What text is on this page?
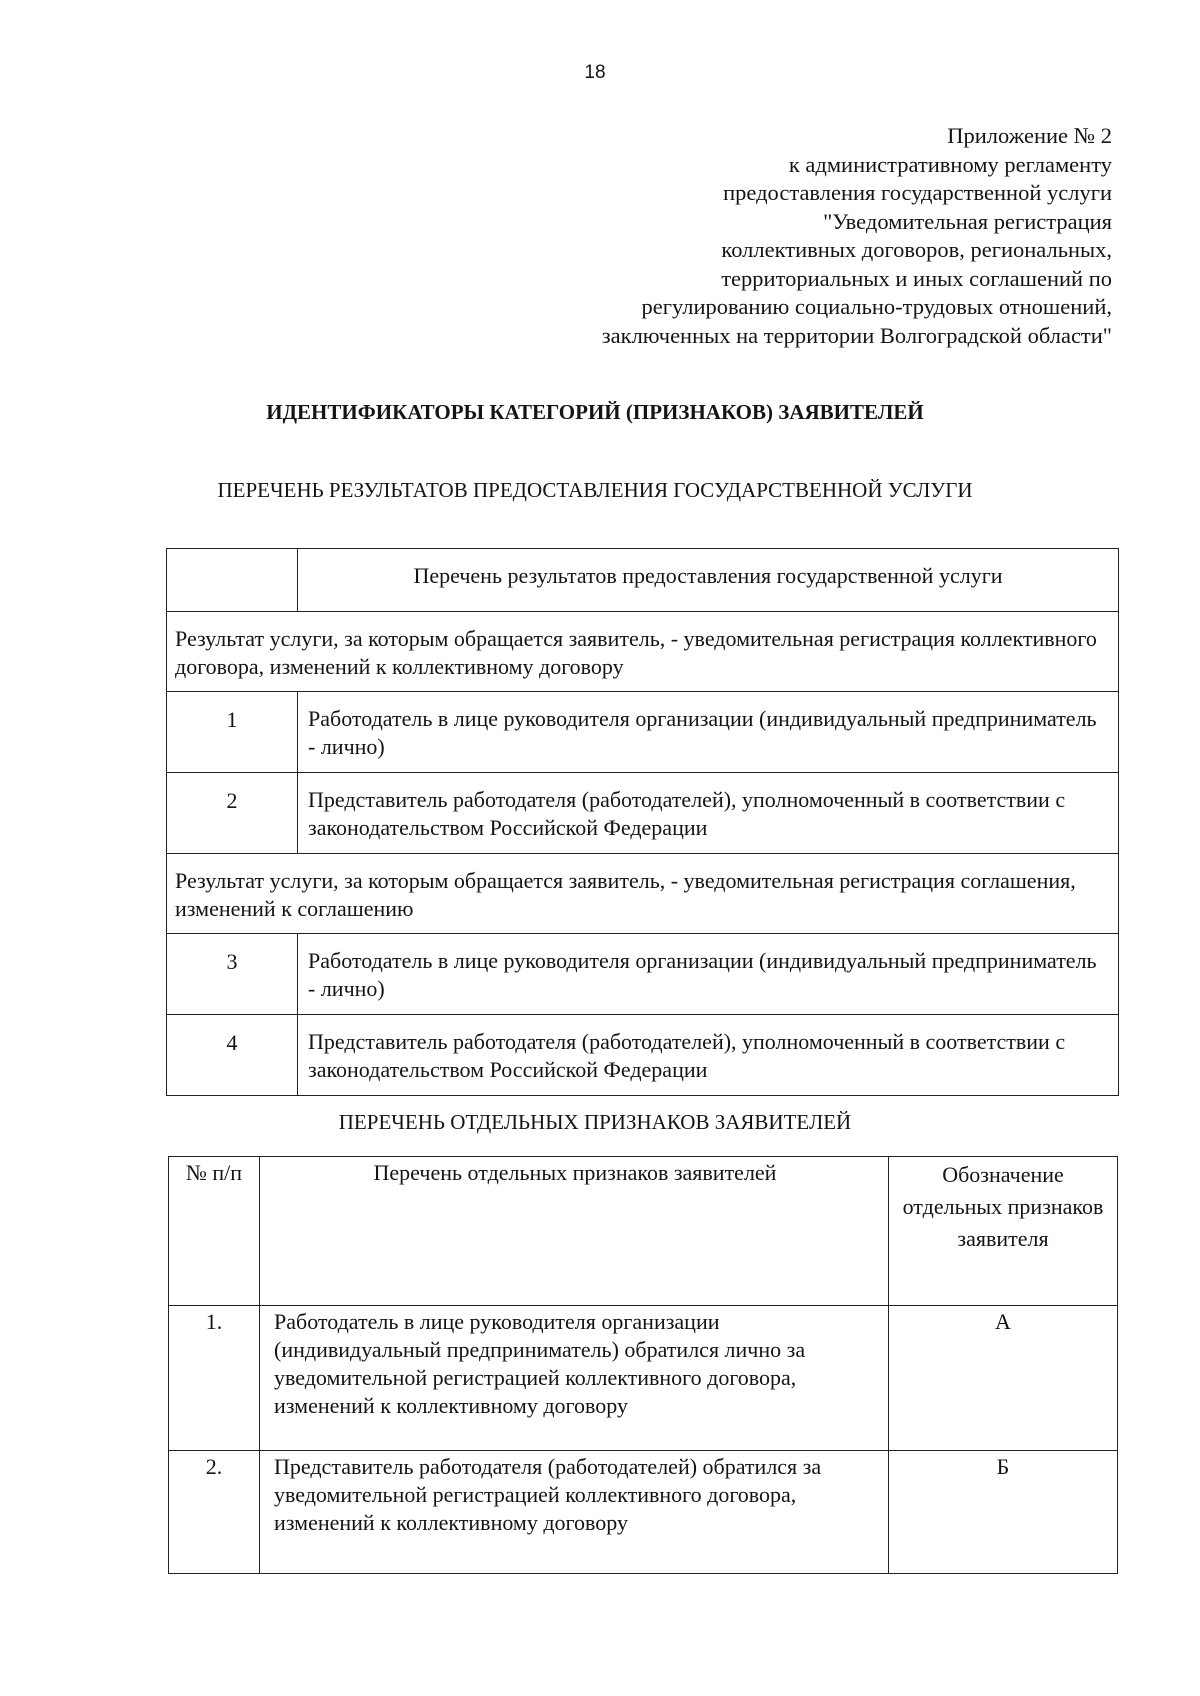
18
Приложение № 2
к административному регламенту
предоставления государственной услуги
"Уведомительная регистрация
коллективных договоров, региональных,
территориальных и иных соглашений по
регулированию социально-трудовых отношений,
заключенных на территории Волгоградской области"
ИДЕНТИФИКАТОРЫ КАТЕГОРИЙ (ПРИЗНАКОВ) ЗАЯВИТЕЛЕЙ
ПЕРЕЧЕНЬ РЕЗУЛЬТАТОВ ПРЕДОСТАВЛЕНИЯ ГОСУДАРСТВЕННОЙ УСЛУГИ
	Перечень результатов предоставления государственной услуги
Результат услуги, за которым обращается заявитель, - уведомительная регистрация коллективного договора, изменений к коллективному договору	
1	Работодатель в лице руководителя организации (индивидуальный предприниматель - лично)
2	Представитель работодателя (работодателей), уполномоченный в соответствии с законодательством Российской Федерации
Результат услуги, за которым обращается заявитель, - уведомительная регистрация соглашения, изменений к соглашению	
3	Работодатель в лице руководителя организации (индивидуальный предприниматель - лично)
4	Представитель работодателя (работодателей), уполномоченный в соответствии с законодательством Российской Федерации
ПЕРЕЧЕНЬ ОТДЕЛЬНЫХ ПРИЗНАКОВ ЗАЯВИТЕЛЕЙ
№ п/п	Перечень отдельных признаков заявителей	Обозначение отдельных признаков заявителя
1.	Работодатель в лице руководителя организации (индивидуальный предприниматель) обратился лично за уведомительной регистрацией коллективного договора, изменений к коллективному договору	А
2.	Представитель работодателя (работодателей) обратился за уведомительной регистрацией коллективного договора, изменений к коллективному договору	Б
